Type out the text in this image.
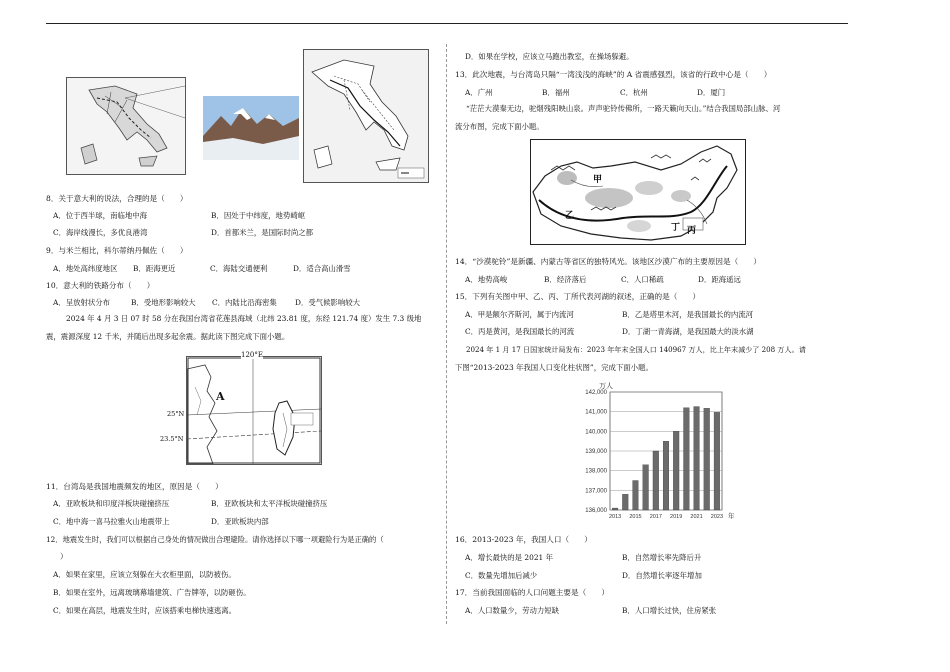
8．关于意大利的说法，合理的是（　　）
A．位于西半球，南临地中海	B．因处于中纬度，地势崎岖
C．海岸线漫长，多优良港湾	D．首都米兰，是国际时尚之都
9．与米兰相比，科尔蒂纳丹佩佐（　　）
A．地处高纬度地区 B．距海更近	C．海陆交通便利	D．适合高山滑雪
10．意大利的铁路分布（　　）
A．呈放射状分布	B．受地形影响较大 C．内陆比沿海密集 D．受气候影响较大
2024 年 4 月 3 日 07 时 58 分在我国台湾省花莲县海域（北纬 23.81 度，东经 121.74 度）发生 7.3 级地
震，震源深度 12 千米，并随后出现多起余震。据此读下图完成下面小题。
120°E
25°N
23.5°N
A
11．台湾岛是我国地震频发的地区，原因是（　　）
A．亚欧板块和印度洋板块碰撞挤压	B．亚欧板块和太平洋板块碰撞挤压
C．地中海一喜马拉雅火山地震带上	D．亚欧板块内部
12．地震发生时，我们可以根据自己身处的情况做出合理避险。请你选择以下哪一项避险行为是正确的（
）
A．如果在家里，应该立刻躲在大衣柜里面，以防被伤。
B．如果在室外，远离玻璃幕墙建筑、广告牌等，以防砸伤。
C．如果在高层，地震发生时，应该搭乘电梯快速逃离。
D．如果在学校，应该立马跑出教室，在操场躲避。
13．此次地震，与台湾岛只隔“一湾浅浅的海峡”的 A 省震感强烈，该省的行政中心是（　　）
A．广州	B．福州	C．杭州	D．厦门
“茫茫大漠秦无边，驼烟残阳映山泉。声声驼铃传佛所，一路天籁向天山。”结合我国局部山脉、河
流分布图，完成下面小题。
甲
乙
丙
丁
14．“沙漠驼铃”是新疆、内蒙古等省区的独特风光。该地区沙漠广布的主要原因是（　　）
A．地势高峻	B．经济落后	C．人口稀疏	D．距海遥远
15．下列有关图中甲、乙、丙、丁所代表河湖的叙述，正确的是（　　）
A．甲是额尔齐斯河，属于内流河	B．乙是塔里木河，是我国最长的内流河
C．丙是黄河，是我国最长的河流	D．丁湖一青海湖，是我国最大的淡水湖
2024 年 1 月 17 日国家统计局发布：2023 年年末全国人口 140967 万人，比上年末减少了 208 万人。请
下图“2013-2023 年我国人口变化柱状图”，完成下面小题。
136,000
137,000
138,000
139,000
140,000
141,000
142,000
2013 2015 2017 2019 2021 2023
万人
年
16．2013-2023 年，我国人口（　　）
A．增长最快的是 2021 年	B．自然增长率先降后升
C．数量先增加后减少	D．自然增长率逐年增加
17．当前我国面临的人口问题主要是（　　）
A．人口数量少，劳动力短缺	B．人口增长过快，住房紧张
